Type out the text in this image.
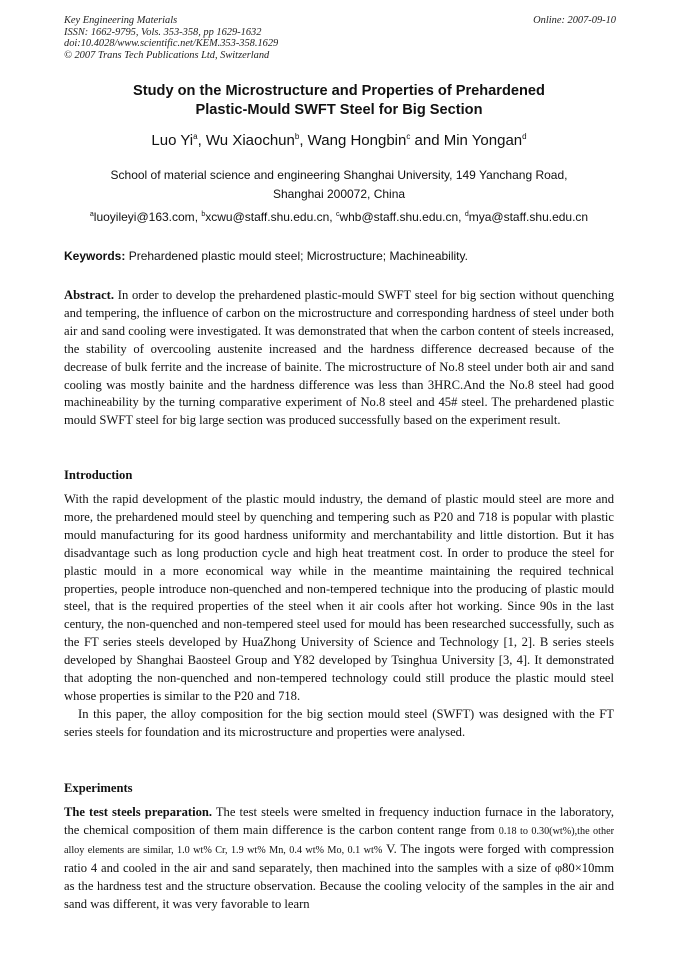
Key Engineering Materials
ISSN: 1662-9795, Vols. 353-358, pp 1629-1632
doi:10.4028/www.scientific.net/KEM.353-358.1629
© 2007 Trans Tech Publications Ltd, Switzerland
Online: 2007-09-10
Study on the Microstructure and Properties of Prehardened
Plastic-Mould SWFT Steel for Big Section
Luo Yi$^a$, Wu Xiaochun$^b$, Wang Hongbin$^c$ and Min Yongan$^d$
School of material science and engineering Shanghai University, 149 Yanchang Road,
Shanghai 200072, China
$^a$luoyileyi@163.com, $^b$xcwu@staff.shu.edu.cn, $^c$whb@staff.shu.edu.cn, $^d$mya@staff.shu.edu.cn
Keywords: Prehardened plastic mould steel; Microstructure; Machineability.
Abstract. In order to develop the prehardened plastic-mould SWFT steel for big section without quenching and tempering, the influence of carbon on the microstructure and corresponding hardness of steel under both air and sand cooling were investigated. It was demonstrated that when the carbon content of steels increased, the stability of overcooling austenite increased and the hardness difference decreased because of the decrease of bulk ferrite and the increase of bainite. The microstructure of No.8 steel under both air and sand cooling was mostly bainite and the hardness difference was less than 3HRC.And the No.8 steel had good machineability by the turning comparative experiment of No.8 steel and 45# steel. The prehardened plastic mould SWFT steel for big large section was produced successfully based on the experiment result.
Introduction

With the rapid development of the plastic mould industry, the demand of plastic mould steel are more and more, the prehardened mould steel by quenching and tempering such as P20 and 718 is popular with plastic mould manufacturing for its good hardness uniformity and merchantability and little distortion. But it has disadvantage such as long production cycle and high heat treatment cost. In order to produce the steel for plastic mould in a more economical way while in the meantime maintaining the required technical properties, people introduce non-quenched and non-tempered technique into the producing of plastic mould steel, that is the required properties of the steel when it air cools after hot working. Since 90s in the last century, the non-quenched and non-tempered steel used for mould has been researched successfully, such as the FT series steels developed by HuaZhong University of Science and Technology [1, 2]. B series steels developed by Shanghai Baosteel Group and Y82 developed by Tsinghua University [3, 4]. It demonstrated that adopting the non-quenched and non-tempered technology could still produce the plastic mould steel whose properties is similar to the P20 and 718.

In this paper, the alloy composition for the big section mould steel (SWFT) was designed with the FT series steels for foundation and its microstructure and properties were analysed.

Experiments

The test steels preparation. The test steels were smelted in frequency induction furnace in the laboratory, the chemical composition of them main difference is the carbon content range from 0.18 to 0.30(wt%),the other alloy elements are similar, 1.0 wt% Cr, 1.9 wt% Mn, 0.4 wt% Mo, 0.1 wt% V. The ingots were forged with compression ratio 4 and cooled in the air and sand separately, then machined into the samples with a size of φ80×10mm as the hardness test and the structure observation. Because the cooling velocity of the samples in the air and sand was different, it was very favorable to learn
